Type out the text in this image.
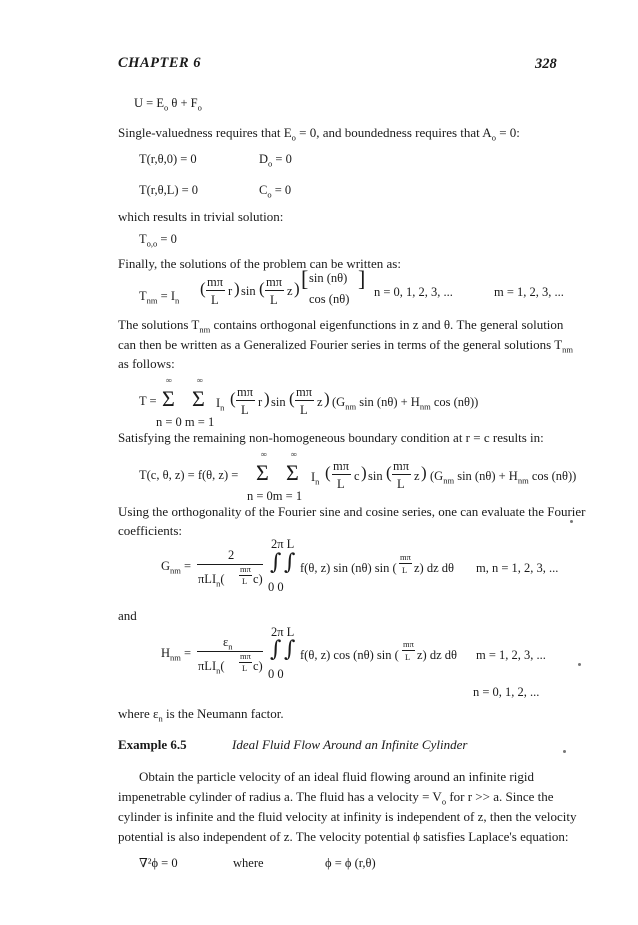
CHAPTER 6	328
$U = E_o$ $\theta + F_o$
Single-valuedness requires that $E_o = 0$, and boundedness requires that $A_o = 0$:
T(r,θ,0) = 0	$D_o = 0$
T(r,θ,L) = 0	$C_o = 0$
which results in trivial solution:
$T_{o,o} = 0$
Finally, the solutions of the problem can be written as:
$T_{nm} = I_n$
( mπ
L
r ) sin ( mπ
L
z ) [ sin (nθ)
cos (nθ)
]
n = 0, 1, 2, 3, ...	m = 1, 2, 3, ...
The solutions $T_{nm}$ contains orthogonal eigenfunctions in z and θ. The general solution
can then be written as a Generalized Fourier series in terms of the general solutions $T_{nm}$
as follows:
∞	∞
T = Σ Σ
n = 0 m = 1
$I_n$ ( mπ
L
r ) sin ( mπ
L
z ) ($G_{nm}$ $\sin (n\theta) + H_{nm}$ cos (nθ))
Satisfying the remaining non-homogeneous boundary condition at r = c results in:
∞	∞
T(c, θ, z) = f(θ, z) = Σ Σ
n = 0m = 1
$I_n$ ( mπ
L
c ) sin ( mπ
L
z ) ($G_{nm}$ $\sin (n\theta) + H_{nm}$ cos (nθ))
Using the orthogonality of the Fourier sine and cosine series, one can evaluate the Fourier
coefficients:
2π L
$G_{nm}$ =
2
πLI$_n$(
mπ
L c)
∫ ∫
0 0
f(θ, z) sin (nθ) sin (
mπ
L z) dz dθ m, n = 1, 2, 3, ...
and
2π L
$H_{nm}$ =
$\varepsilon_n$
πLI$_n$(
mπ
L c)
∫ ∫
0 0
f(θ, z) cos (nθ) sin (
mπ
L z) dz dθ m = 1, 2, 3, ...
n = 0, 1, 2, ...
where $\varepsilon_n$ is the Neumann factor.
Example 6.5	Ideal Fluid Flow Around an Infinite Cylinder
Obtain the particle velocity of an ideal fluid flowing around an infinite rigid
impenetrable cylinder of radius a. The fluid has a velocity = $V_o$ for r >> a. Since the
cylinder is infinite and the fluid velocity at infinity is independent of z, then the velocity
potential is also independent of z. The velocity potential ϕ satisfies Laplace's equation:
∇²ϕ = 0	where	ϕ = ϕ (r,θ)
